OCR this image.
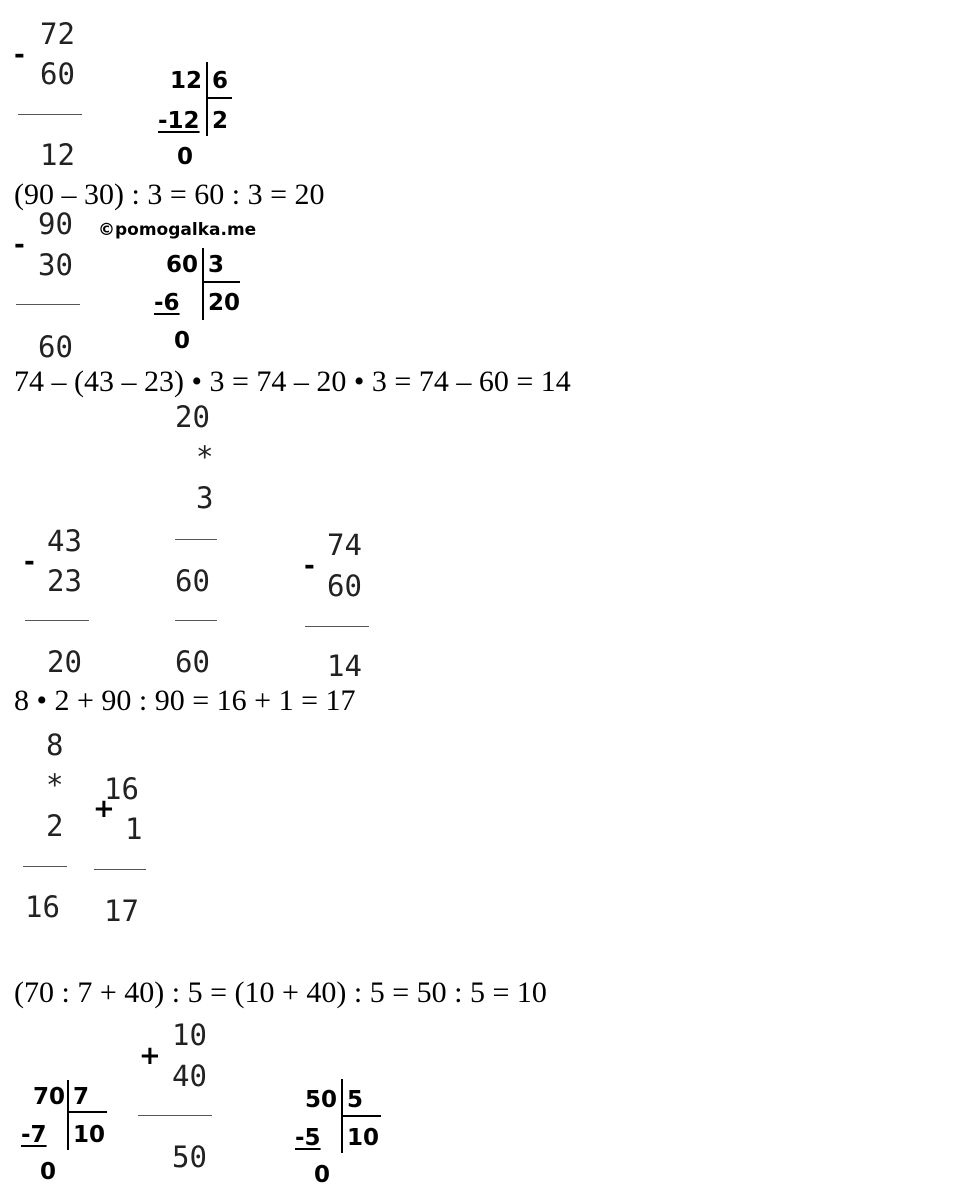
-
72
60
12
12 6
-12 2
0
(90 – 30) : 3 = 60 : 3 = 20
©pomogalka.me
-
90
30
60
60 3
-6 20
0
74 – (43 – 23) • 3 = 74 – 20 • 3 = 74 – 60 = 14
20
*
3
60
60
-
43
23
20
-
74
60
14
8 • 2 + 90 : 90 = 16 + 1 = 17
8
*
2
16
+
16
1
17
(70 : 7 + 40) : 5 = (10 + 40) : 5 = 50 : 5 = 10
70 7
-7 10
0
+
10
40
50
50 5
-5 10
0
